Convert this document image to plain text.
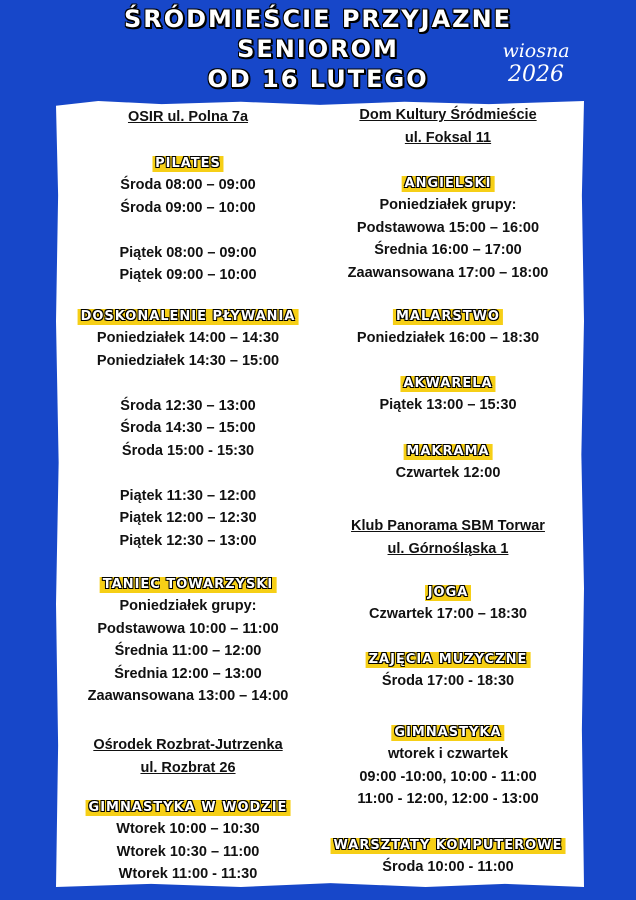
ŚRÓDMIEŚCIE PRZYJAZNE
SENIOROM
OD 16 LUTEGO
wiosna
2026
OSIR ul. Polna 7a
PILATES
Środa 08:00 – 09:00
Środa 09:00 – 10:00
Piątek 08:00 – 09:00
Piątek 09:00 – 10:00
DOSKONALENIE PŁYWANIA
Poniedziałek 14:00 – 14:30
Poniedziałek 14:30 – 15:00
Środa 12:30 – 13:00
Środa 14:30 – 15:00
Środa 15:00 - 15:30
Piątek 11:30 – 12:00
Piątek 12:00 – 12:30
Piątek 12:30 – 13:00
TANIEC TOWARZYSKI
Poniedziałek grupy:
Podstawowa 10:00 – 11:00
Średnia 11:00 – 12:00
Średnia 12:00 – 13:00
Zaawansowana 13:00 – 14:00
Ośrodek Rozbrat-Jutrzenka
ul. Rozbrat 26
GIMNASTYKA W WODZIE
Wtorek 10:00 – 10:30
Wtorek 10:30 – 11:00
Wtorek 11:00 - 11:30
Dom Kultury Śródmieście
ul. Foksal 11
ANGIELSKI
Poniedziałek grupy:
Podstawowa 15:00 – 16:00
Średnia 16:00 – 17:00
Zaawansowana 17:00 – 18:00
MALARSTWO
Poniedziałek 16:00 – 18:30
AKWARELA
Piątek 13:00 – 15:30
MAKRAMA
Czwartek 12:00
Klub Panorama SBM Torwar
ul. Górnośląska 1
JOGA
Czwartek 17:00 – 18:30
ZAJĘCIA MUZYCZNE
Środa 17:00 - 18:30
GIMNASTYKA
wtorek i czwartek
09:00 -10:00, 10:00 - 11:00
11:00 - 12:00, 12:00 - 13:00
WARSZTATY KOMPUTEROWE
Środa 10:00 - 11:00
